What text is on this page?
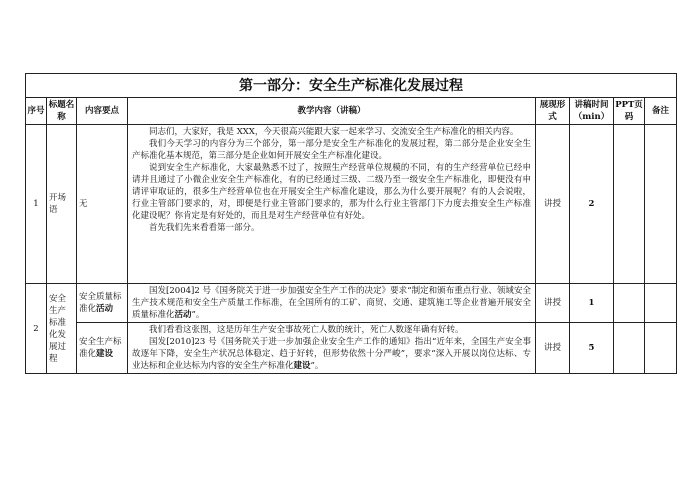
第一部分：安全生产标准化发展过程							
序号	标题名称	内容要点	教学内容（讲稿）	展现形式	讲稿时间（min）	PPT页码	备注
1	开场语	无	同志们，大家好，我是 XXX，今天很高兴能跟大家一起来学习、交流安全生产标准化的相关内容。

我们今天学习的内容分为三个部分，第一部分是安全生产标准化的发展过程，第二部分是企业安全生产标准化基本规范，第三部分是企业如何开展安全生产标准化建设。

说到安全生产标准化，大家最熟悉不过了，按照生产经营单位规模的不同，有的生产经营单位已经申请并且通过了小微企业安全生产标准化，有的已经通过三级、二级乃至一级安全生产标准化，即便没有申请评审取证的，很多生产经营单位也在开展安全生产标准化建设，那么为什么要开展呢？有的人会说啦，行业主管部门要求的，对，即便是行业主管部门要求的，那为什么行业主管部门下力度去推安全生产标准化建设呢？你肯定是有好处的，而且是对生产经营单位有好处。

首先我们先来看看第一部分。	讲授	2		
2	安全生产标准化发展过程	安全质量标准化活动	国发[2004]2 号《国务院关于进一步加强安全生产工作的决定》要求“制定和颁布重点行业、领域安全生产技术规范和安全生产质量工作标准，在全国所有的工矿、商贸、交通、建筑施工等企业普遍开展安全质量标准化活动”。	讲授	1		
		安全生产标准化建设	我们看看这张图，这是历年生产安全事故死亡人数的统计，死亡人数逐年确有好转。

国发[2010]23 号《国务院关于进一步加强企业安全生产工作的通知》指出“近年来，全国生产安全事故逐年下降，安全生产状况总体稳定、趋于好转，但形势依然十分严峻”，要求“深入开展以岗位达标、专业达标和企业达标为内容的安全生产标准化建设”。	讲授	5		
